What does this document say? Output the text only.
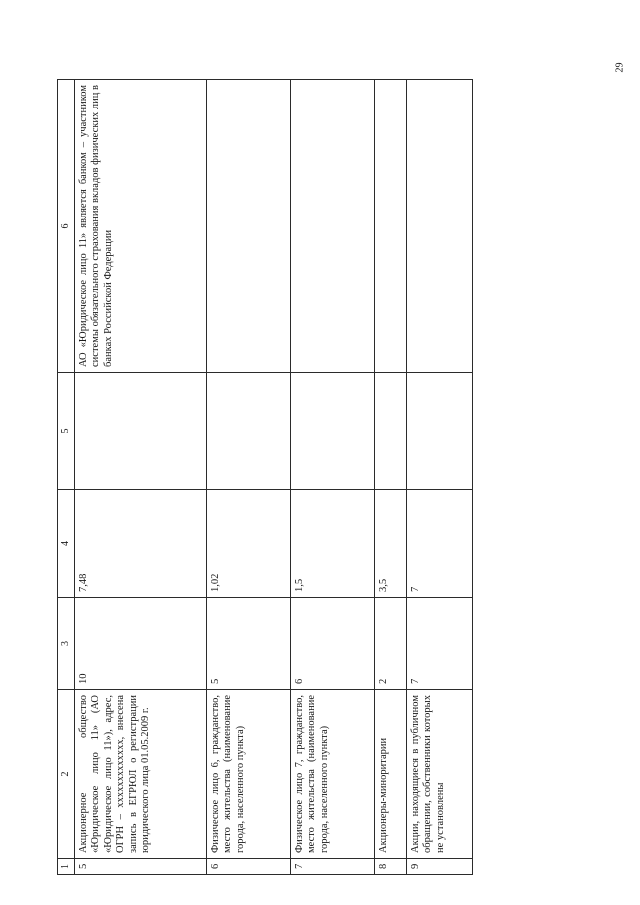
29
1	2	3	4	5	6
5	Акционерное общество «Юридическое лицо 11» (АО «Юридическое лицо 11»), адрес, ОГРН – ххххххххххххх, внесена запись в ЕГРЮЛ о регистрации юридического лица 01.05.2009 г.	10	7,48		АО «Юридическое лицо 11» является банком – участником системы обязательного страхования вкладов физических лиц в банках Российской Федерации
6	Физическое лицо 6, гражданство, место жительства (наименование города, населенного пункта)	5	1,02		
7	Физическое лицо 7, гражданство, место жительства (наименование города, населенного пункта)	6	1,5		
8	Акционеры-миноритарии	2	3,5		
9	Акции, находящиеся в публичном обращении, собственники которых не установлены	7	7		
